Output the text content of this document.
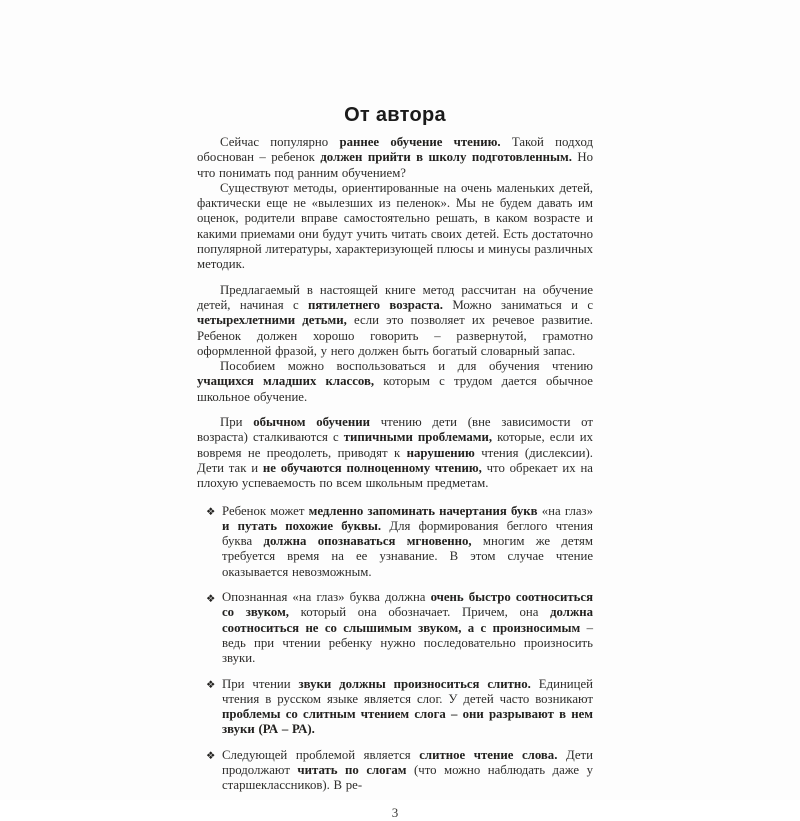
От автора

Сейчас популярно раннее обучение чтению. Такой подход обоснован – ребенок должен прийти в школу подготовленным. Но что понимать под ранним обучением?

Существуют методы, ориентированные на очень маленьких детей, фактически еще не «вылезших из пеленок». Мы не будем давать им оценок, родители вправе самостоятельно решать, в каком возрасте и какими приемами они будут учить читать своих детей. Есть достаточно популярной литературы, характеризующей плюсы и минусы различных методик.

Предлагаемый в настоящей книге метод рассчитан на обучение детей, начиная с пятилетнего возраста. Можно заниматься и с четырехлетними детьми, если это позволяет их речевое развитие. Ребенок должен хорошо говорить – развернутой, грамотно оформленной фразой, у него должен быть богатый словарный запас.

Пособием можно воспользоваться и для обучения чтению учащихся младших классов, которым с трудом дается обычное школьное обучение.

При обычном обучении чтению дети (вне зависимости от возраста) сталкиваются с типичными проблемами, которые, если их вовремя не преодолеть, приводят к нарушению чтения (дислексии). Дети так и не обучаются полноценному чтению, что обрекает их на плохую успеваемость по всем школьным предметам.

❖ Ребенок может медленно запоминать начертания букв «на глаз» и путать похожие буквы. Для формирования беглого чтения буква должна опознаваться мгновенно, многим же детям требуется время на ее узнавание. В этом случае чтение оказывается невозможным.
❖ Опознанная «на глаз» буква должна очень быстро соотноситься со звуком, который она обозначает. Причем, она должна соотноситься не со слышимым звуком, а с произносимым – ведь при чтении ребенку нужно последовательно произносить звуки.
❖ При чтении звуки должны произноситься слитно. Единицей чтения в русском языке является слог. У детей часто возникают проблемы со слитным чтением слога – они разрывают в нем звуки (РА – РА).
❖ Следующей проблемой является слитное чтение слова. Дети продолжают читать по слогам (что можно наблюдать даже у старшеклассников). В ре-
3
